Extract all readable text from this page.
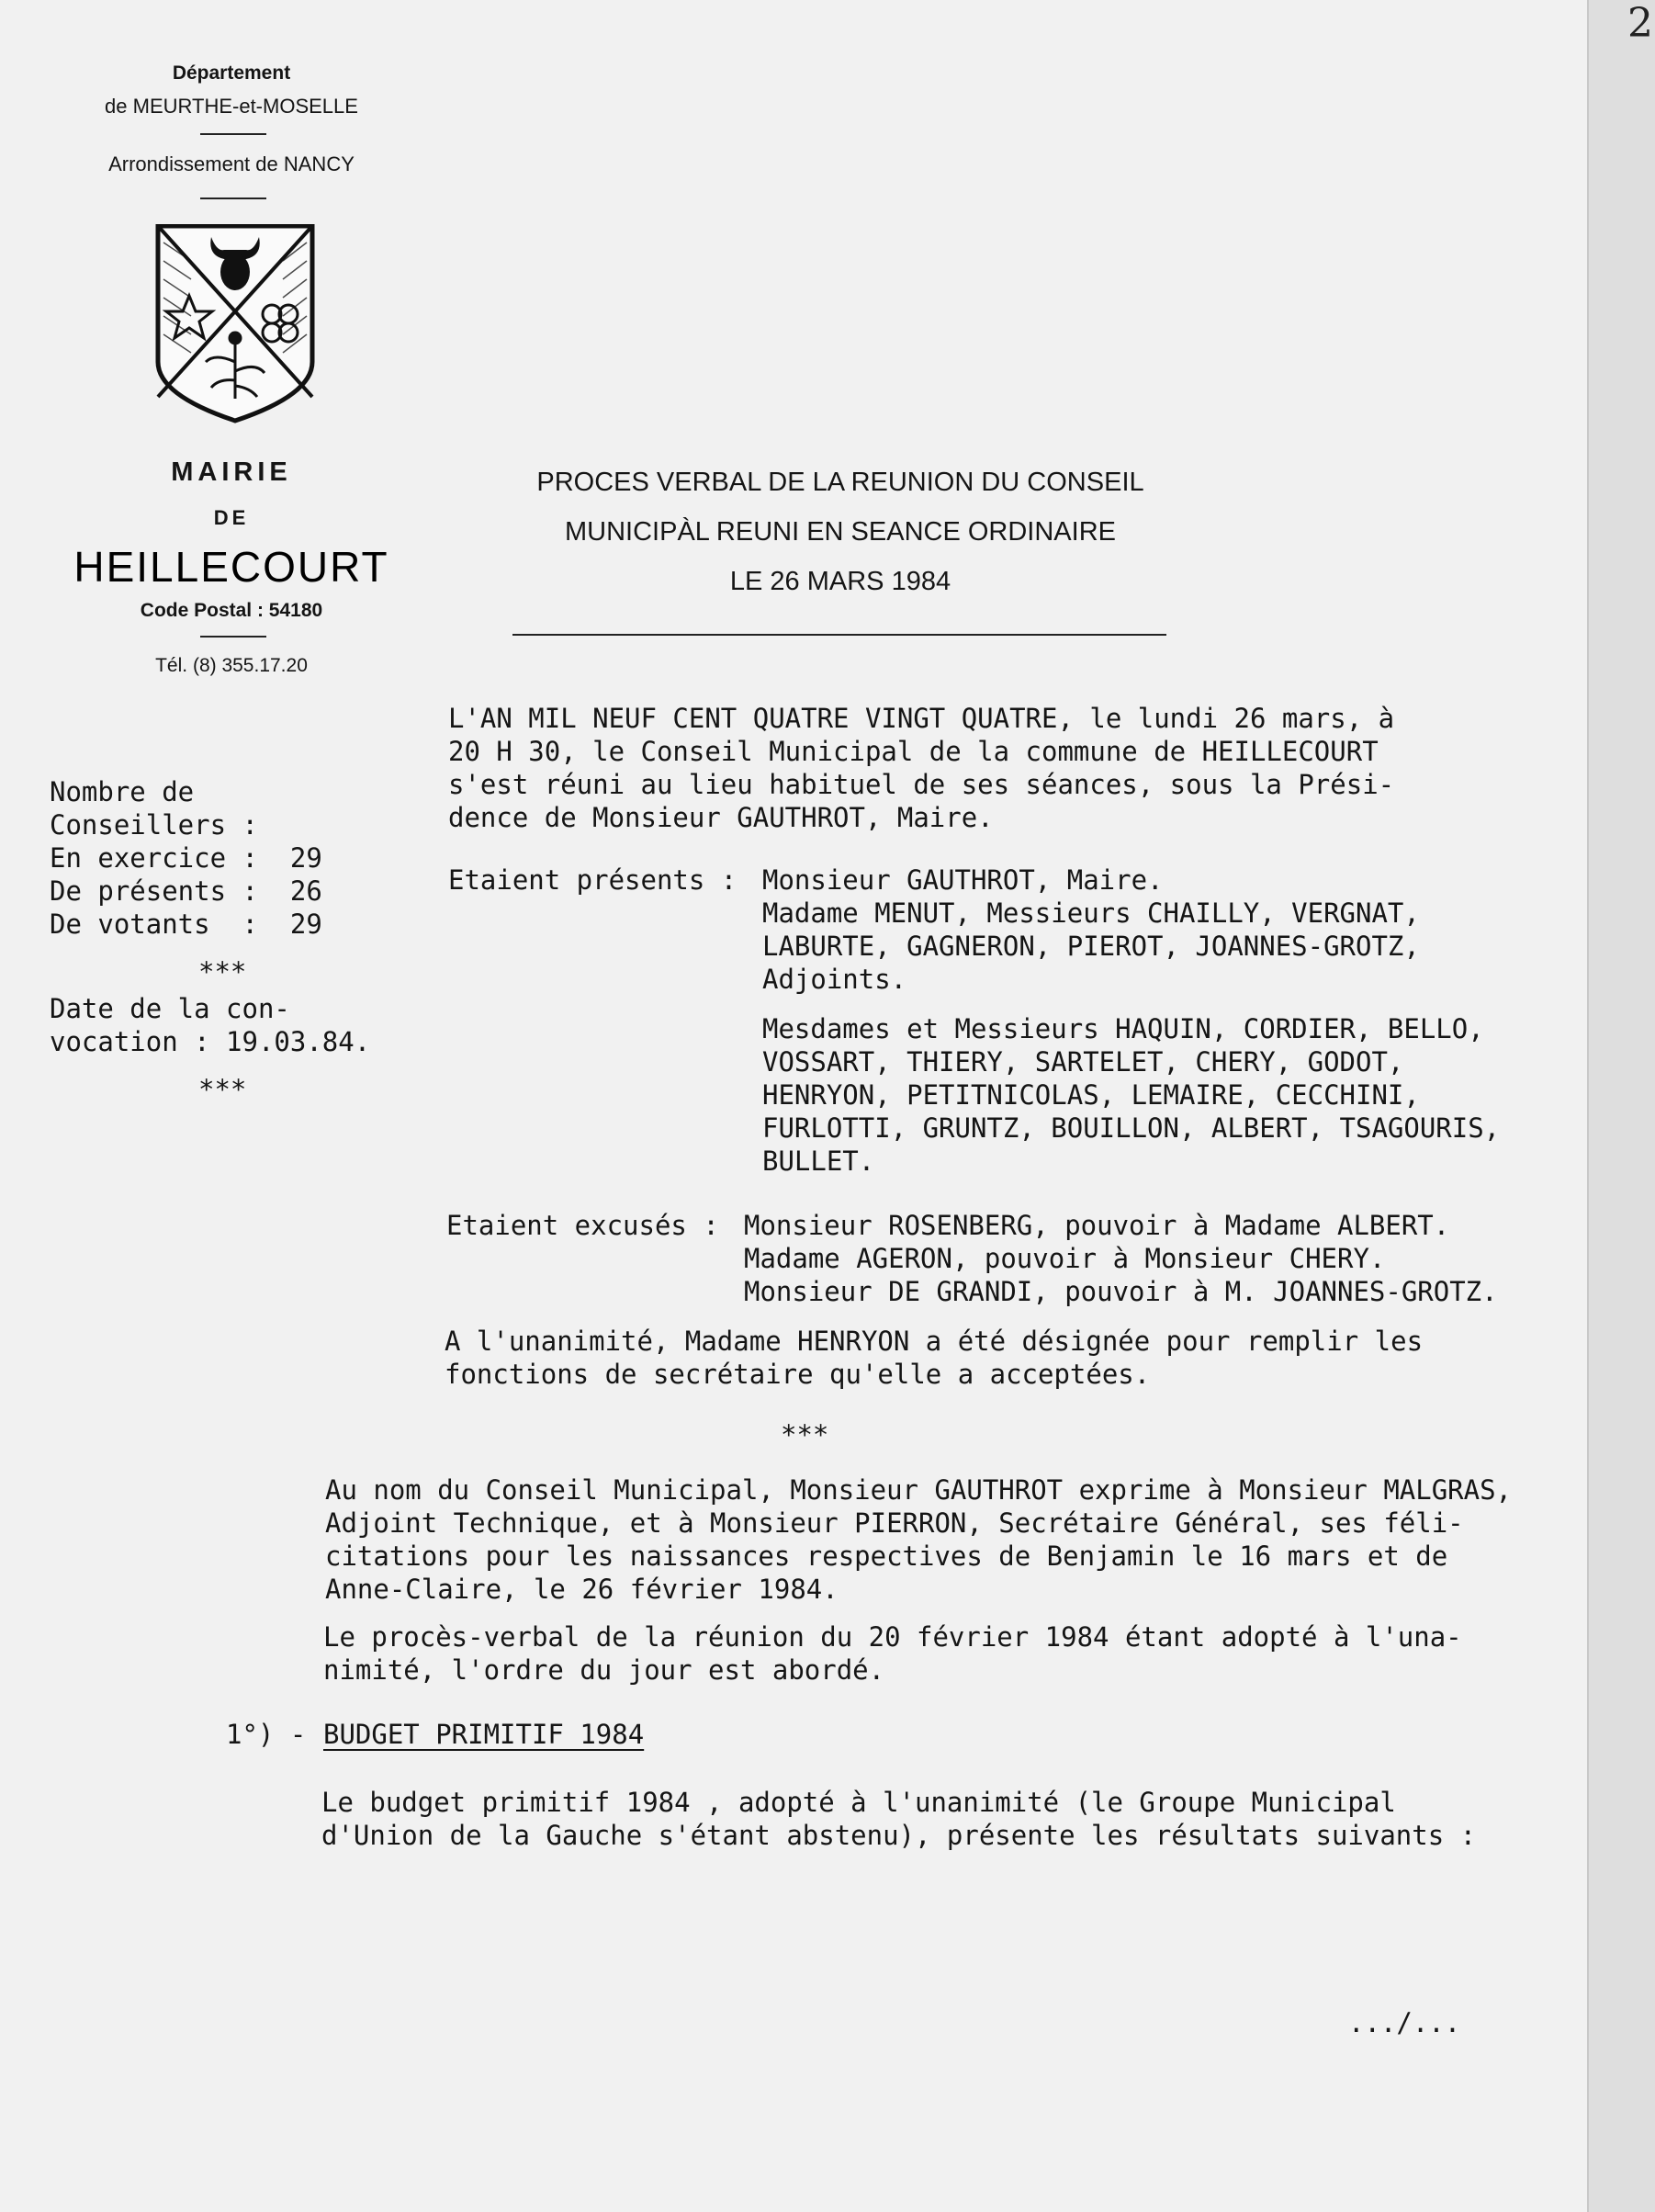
Département
de MEURTHE-et-MOSELLE
Arrondissement de NANCY
MAIRIE
DE
HEILLECOURT
Code Postal : 54180
Tél. (8) 355.17.20
PROCES VERBAL DE LA REUNION DU CONSEIL
MUNICIPÀL REUNI EN SEANCE ORDINAIRE
LE 26 MARS 1984
Nombre de
Conseillers :
En exercice :  29
De présents :  26
De votants  :  29
***
Date de la con-
vocation : 19.03.84.
***
L'AN MIL NEUF CENT QUATRE VINGT QUATRE, le lundi 26 mars, à
20 H 30, le Conseil Municipal de la commune de HEILLECOURT
s'est réuni au lieu habituel de ses séances, sous la Prési-
dence de Monsieur GAUTHROT, Maire.
Etaient présents : Monsieur GAUTHROT, Maire.
Madame MENUT, Messieurs CHAILLY, VERGNAT,
LABURTE, GAGNERON, PIEROT, JOANNES-GROTZ,
Adjoints.
Mesdames et Messieurs HAQUIN, CORDIER, BELLO,
VOSSART, THIERY, SARTELET, CHERY, GODOT,
HENRYON, PETITNICOLAS, LEMAIRE, CECCHINI,
FURLOTTI, GRUNTZ, BOUILLON, ALBERT, TSAGOURIS,
BULLET.
Etaient excusés : Monsieur ROSENBERG, pouvoir à Madame ALBERT.
Madame AGERON, pouvoir à Monsieur CHERY.
Monsieur DE GRANDI, pouvoir à M. JOANNES-GROTZ.
A l'unanimité, Madame HENRYON a été désignée pour remplir les
fonctions de secrétaire qu'elle a acceptées.
***
Au nom du Conseil Municipal, Monsieur GAUTHROT exprime à Monsieur MALGRAS,
Adjoint Technique, et à Monsieur PIERRON, Secrétaire Général, ses féli-
citations pour les naissances respectives de Benjamin le 16 mars et de
Anne-Claire, le 26 février 1984.
Le procès-verbal de la réunion du 20 février 1984 étant adopté à l'una-
nimité, l'ordre du jour est abordé.
1°) - BUDGET PRIMITIF 1984
Le budget primitif 1984 , adopté à l'unanimité (le Groupe Municipal
d'Union de la Gauche s'étant abstenu), présente les résultats suivants :
.../...
2
